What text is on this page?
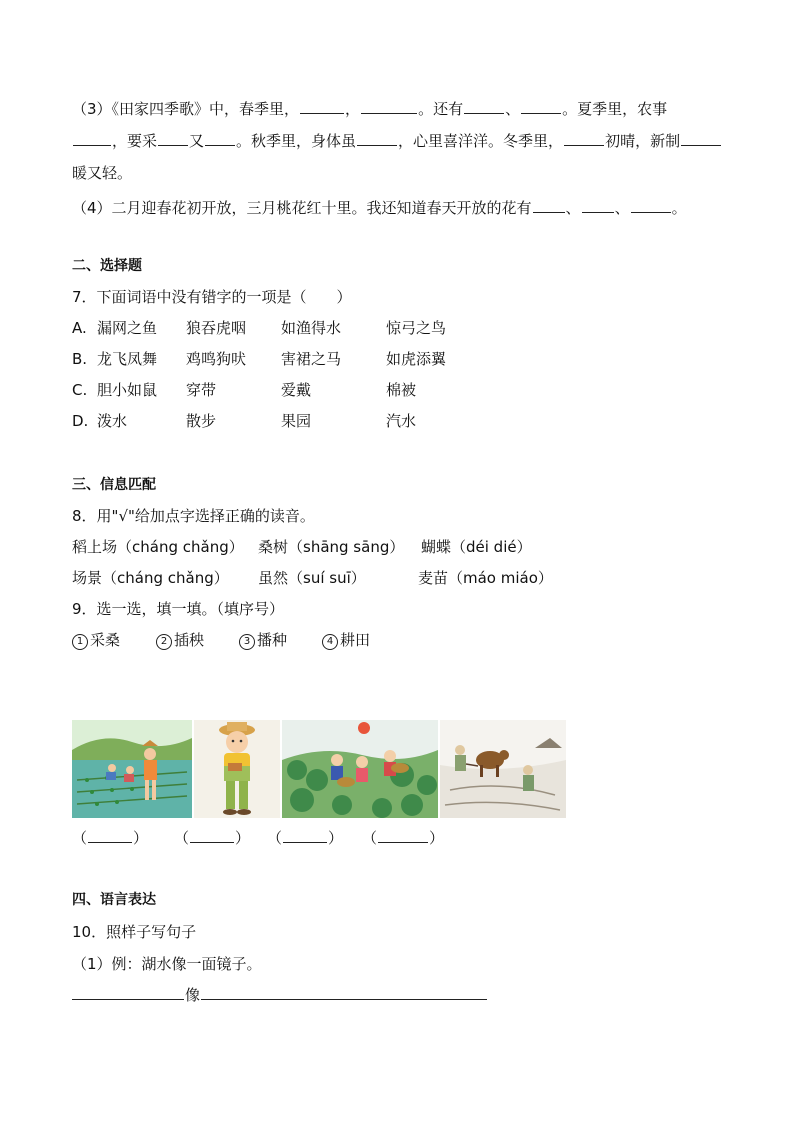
（3）《田家四季歌》中，春季里，	，	。还有	、	。夏季里，农事
，要采 又 。秋季里，身体虽	，心里喜洋洋。冬季里，	初晴，新制
暖又轻。
（4）二月迎春花初开放，三月桃花红十里。我还知道春天开放的花有 、 、	。
二、选择题
7．下面词语中没有错字的一项是（　　）
A. 漏网之鱼 狼吞虎咽 如渔得水	惊弓之鸟
B. 龙飞凤舞 鸡鸣狗吠 害裙之马	如虎添翼
C. 胆小如鼠 穿带	爱戴	棉被
D. 泼水	散步	果园	汽水
三、信息匹配
8．用"√"给加点字选择正确的读音。
稻上场（cháng chǎng） 桑树（shāng sāng） 蝴蝶（déi dié）
场景（cháng chǎng） 虽然（suí suī）	麦苗（máo miáo）
9．选一选，填一填。（填序号）
1 采桑	2 插秧	3 播种	4 耕田
（	） （	） （	） （	）
四、语言表达
10．照样子写句子
（1）例：湖水像一面镜子。
像
